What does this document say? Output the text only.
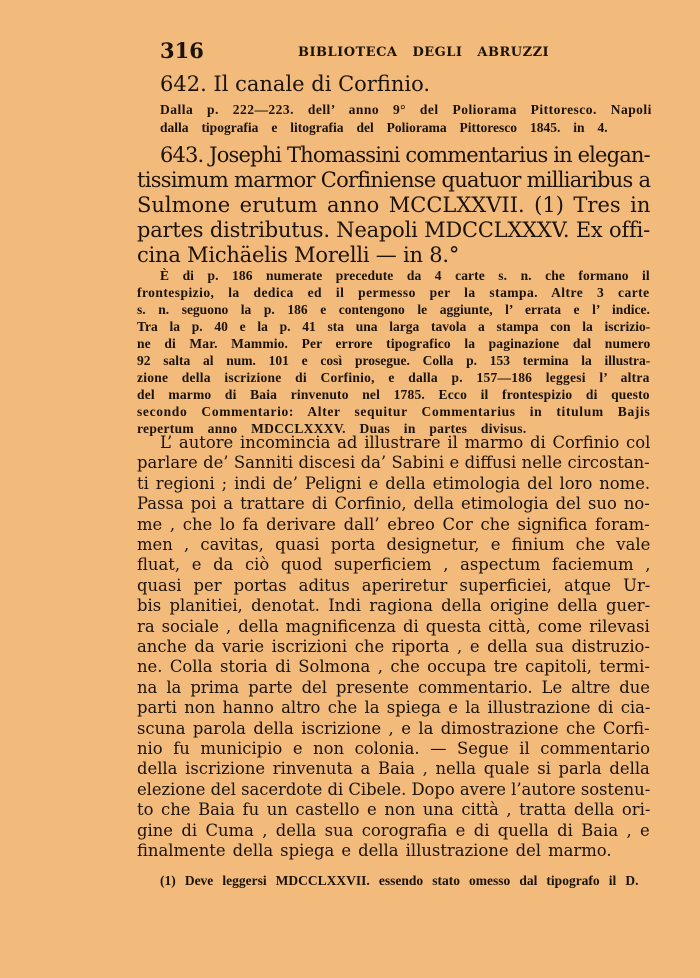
316	BIBLIOTECA DEGLI ABRUZZI
642. Il canale di Corfinio.
Dalla p. 222—223. dell’ anno 9° del Poliorama Pittoresco. Napoli
dalla tipografia e litografia del Poliorama Pittoresco 1845. in 4.
643. Josephi Thomassini commentarius in elegan-
tissimum marmor Corfiniense quatuor milliaribus a
Sulmone erutum anno MCCLXXVII. (1) Tres in
partes distributus. Neapoli MDCCLXXXV. Ex offi-
cina Michäelis Morelli — in 8.°
È di p. 186 numerate precedute da 4 carte s. n. che formano il
frontespizio, la dedica ed il permesso per la stampa. Altre 3 carte
s. n. seguono la p. 186 e contengono le aggiunte, l’ errata e l’ indice.
Tra la p. 40 e la p. 41 sta una larga tavola a stampa con la iscrizio-
ne di Mar. Mammio. Per errore tipografico la paginazione dal numero
92 salta al num. 101 e così prosegue. Colla p. 153 termina la illustra-
zione della iscrizione di Corfinio, e dalla p. 157—186 leggesi l’ altra
del marmo di Baia rinvenuto nel 1785. Ecco il frontespizio di questo
secondo Commentario: Alter sequitur Commentarius in titulum Bajis
repertum anno MDCCLXXXV. Duas in partes divisus.
L’ autore incomincia ad illustrare il marmo di Corfinio col
parlare de’ Sanniti discesi da’ Sabini e diffusi nelle circostan-
ti regioni ; indi de’ Peligni e della etimologia del loro nome.
Passa poi a trattare di Corfinio, della etimologia del suo no-
me , che lo fa derivare dall’ ebreo Cor che significa foram-
men , cavitas, quasi porta designetur, e finium che vale
fluat, e da ciò quod superficiem , aspectum faciemum ,
quasi per portas aditus aperiretur superficiei, atque Ur-
bis planitiei, denotat. Indi ragiona della origine della guer-
ra sociale , della magnificenza di questa città, come rilevasi
anche da varie iscrizioni che riporta , e della sua distruzio-
ne. Colla storia di Solmona , che occupa tre capitoli, termi-
na la prima parte del presente commentario. Le altre due
parti non hanno altro che la spiega e la illustrazione di cia-
scuna parola della iscrizione , e la dimostrazione che Corfi-
nio fu municipio e non colonia. — Segue il commentario
della iscrizione rinvenuta a Baia , nella quale si parla della
elezione del sacerdote di Cibele. Dopo avere l’autore sostenu-
to che Baia fu un castello e non una città , tratta della ori-
gine di Cuma , della sua corografia e di quella di Baia , e
(1) Deve leggersi MDCCLXXVII. essendo stato omesso dal tipografo il D.
finalmente della spiega e della illustrazione del marmo.
